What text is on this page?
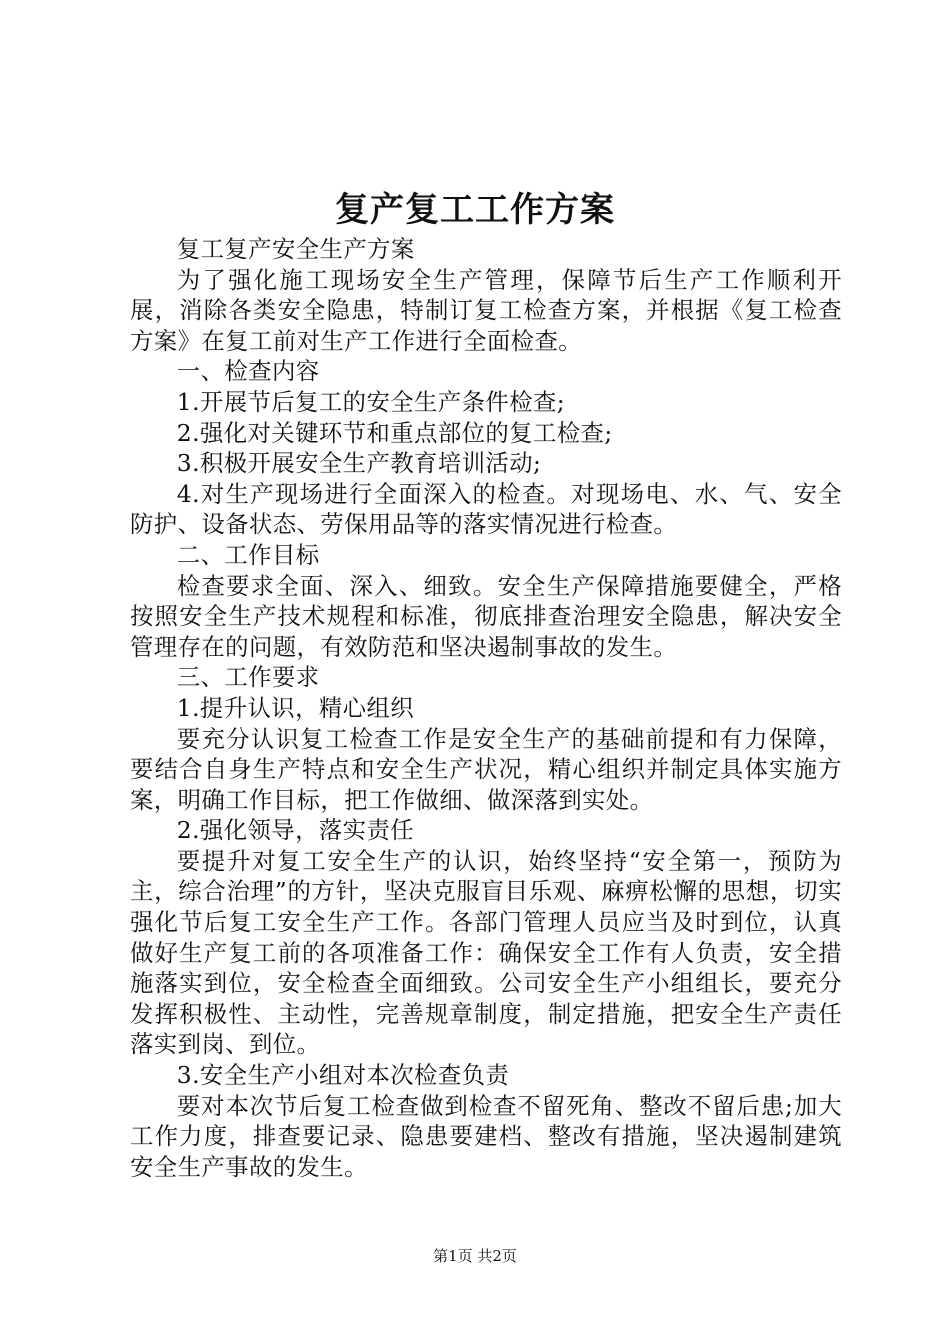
复产复工工作方案

复工复产安全生产方案

为了强化施工现场安全生产管理，保障节后生产工作顺利开展，消除各类安全隐患，特制订复工检查方案，并根据《复工检查方案》在复工前对生产工作进行全面检查。

一、检查内容

1.开展节后复工的安全生产条件检查;

2.强化对关键环节和重点部位的复工检查;

3.积极开展安全生产教育培训活动;

4.对生产现场进行全面深入的检查。对现场电、水、气、安全防护、设备状态、劳保用品等的落实情况进行检查。

二、工作目标

检查要求全面、深入、细致。安全生产保障措施要健全，严格按照安全生产技术规程和标准，彻底排查治理安全隐患，解决安全管理存在的问题，有效防范和坚决遏制事故的发生。

三、工作要求

1.提升认识，精心组织

要充分认识复工检查工作是安全生产的基础前提和有力保障，要结合自身生产特点和安全生产状况，精心组织并制定具体实施方案，明确工作目标，把工作做细、做深落到实处。

2.强化领导，落实责任

要提升对复工安全生产的认识，始终坚持“安全第一，预防为主，综合治理”的方针，坚决克服盲目乐观、麻痹松懈的思想，切实强化节后复工安全生产工作。各部门管理人员应当及时到位，认真做好生产复工前的各项准备工作：确保安全工作有人负责，安全措施落实到位，安全检查全面细致。公司安全生产小组组长，要充分发挥积极性、主动性，完善规章制度，制定措施，把安全生产责任落实到岗、到位。

3.安全生产小组对本次检查负责

要对本次节后复工检查做到检查不留死角、整改不留后患;加大工作力度，排查要记录、隐患要建档、整改有措施，坚决遏制建筑安全生产事故的发生。

第1页 共2页
